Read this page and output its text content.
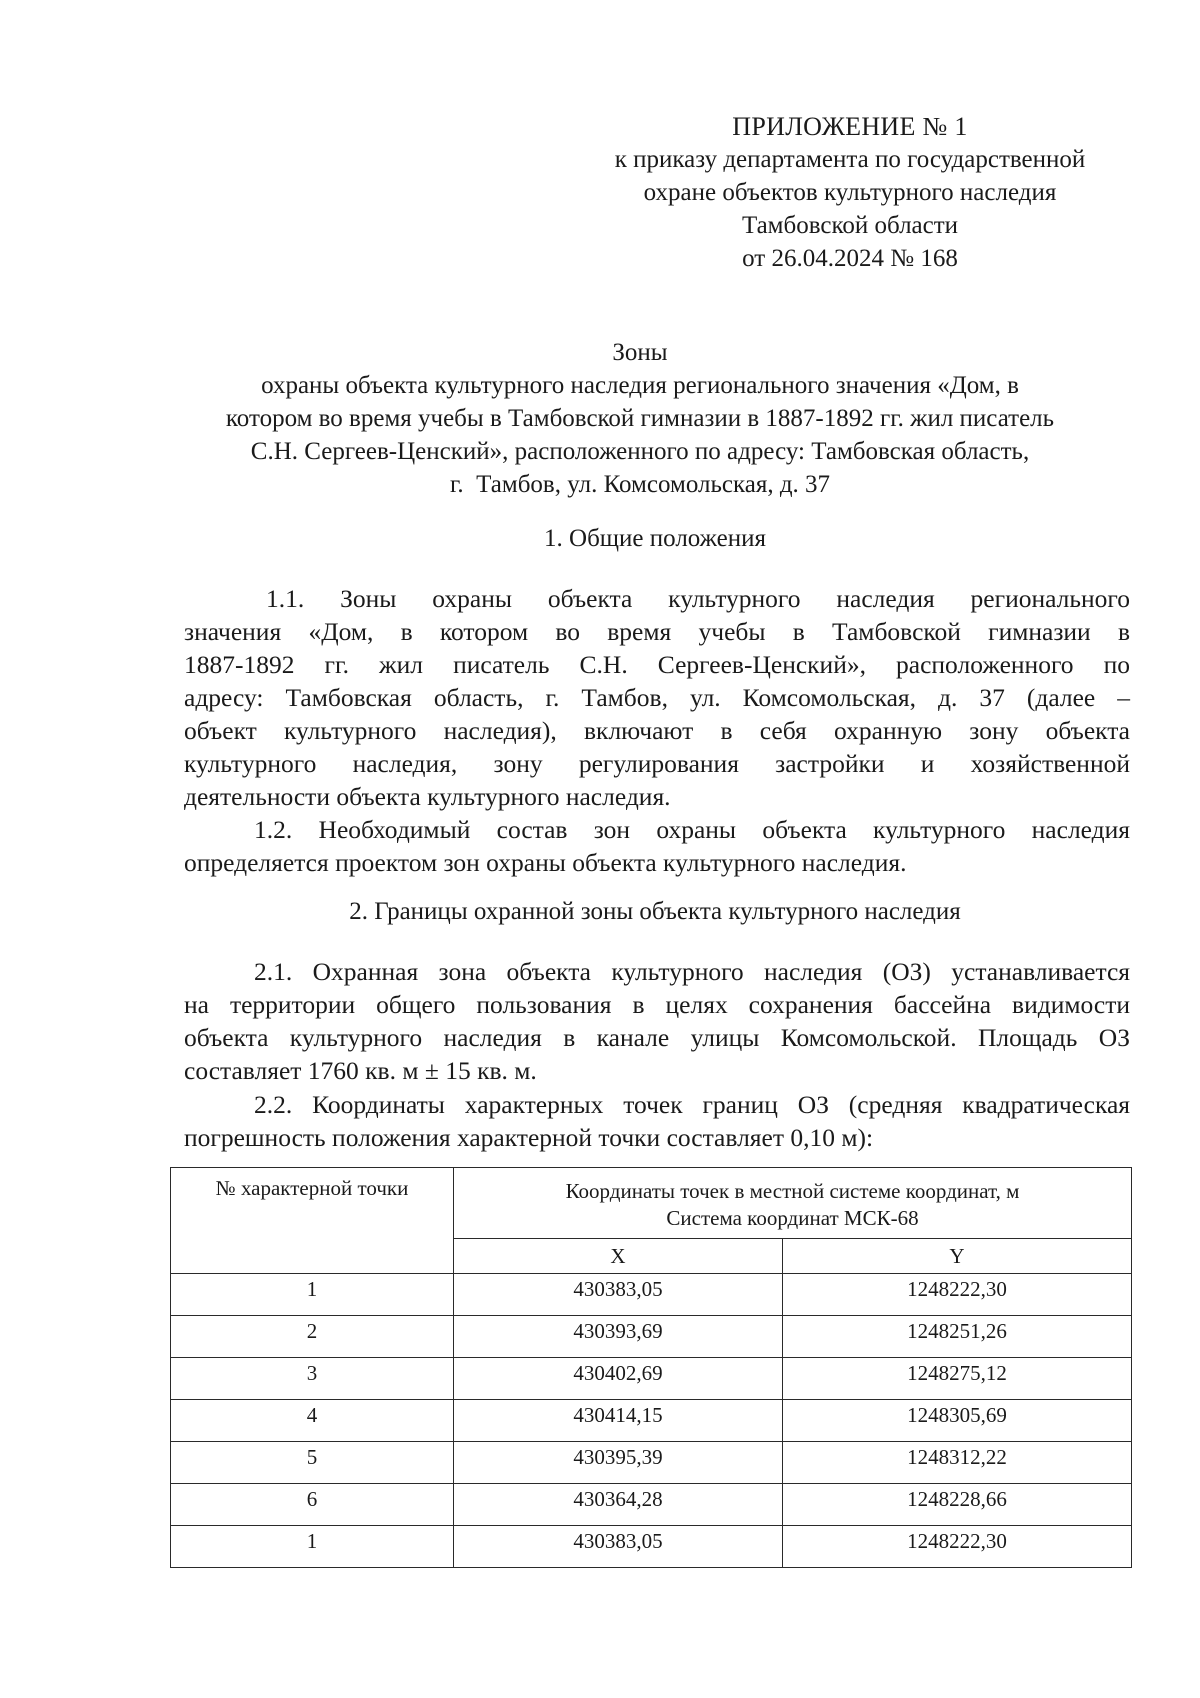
ПРИЛОЖЕНИЕ № 1
к приказу департамента по государственной
охране объектов культурного наследия
Тамбовской области
от 26.04.2024 № 168
Зоны
охраны объекта культурного наследия регионального значения «Дом, в
котором во время учебы в Тамбовской гимназии в 1887-1892 гг. жил писатель
С.Н. Сергеев-Ценский», расположенного по адресу: Тамбовская область,
г.  Тамбов, ул. Комсомольская, д. 37
1. Общие положения
1.1. Зоны охраны объекта культурного наследия регионального
значения «Дом, в котором во время учебы в Тамбовской гимназии в
1887-1892 гг. жил писатель С.Н. Сергеев-Ценский», расположенного по
адресу: Тамбовская область, г. Тамбов, ул. Комсомольская, д. 37 (далее –
объект культурного наследия), включают в себя охранную зону объекта
культурного наследия, зону регулирования застройки и хозяйственной
деятельности объекта культурного наследия.
1.2. Необходимый состав зон охраны объекта культурного наследия
определяется проектом зон охраны объекта культурного наследия.
2. Границы охранной зоны объекта культурного наследия
2.1. Охранная зона объекта культурного наследия (ОЗ) устанавливается
на территории общего пользования в целях сохранения бассейна видимости
объекта культурного наследия в канале улицы Комсомольской. Площадь ОЗ
составляет 1760 кв. м ± 15 кв. м.
2.2. Координаты характерных точек границ ОЗ (средняя квадратическая
погрешность положения характерной точки составляет 0,10 м):
№ характерной точки	Координаты точек в местной системе координат, м
Система координат МСК-68	

	X	Y
1	430383,05	1248222,30
2	430393,69	1248251,26
3	430402,69	1248275,12
4	430414,15	1248305,69
5	430395,39	1248312,22
6	430364,28	1248228,66
1	430383,05	1248222,30
